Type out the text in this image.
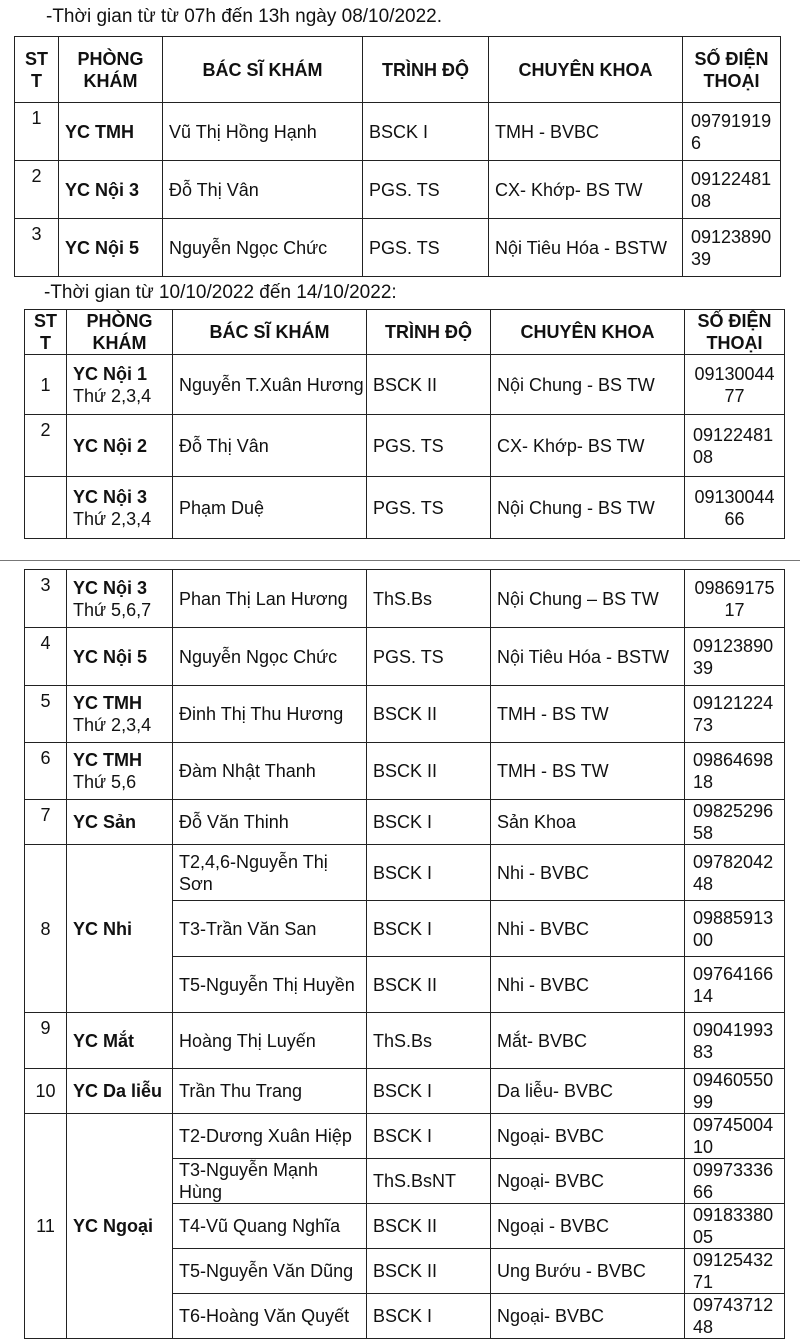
-Thời gian từ từ 07h đến 13h ngày 08/10/2022.
ST T	PHÒNG KHÁM	BÁC SĨ KHÁM	TRÌNH ĐỘ	CHUYÊN KHOA	SỐ ĐIỆN THOẠI
1	YC TMH	Vũ Thị Hồng Hạnh	BSCK I	TMH - BVBC	097919196
2	YC Nội 3	Đỗ Thị Vân	PGS. TS	CX- Khớp- BS TW	0912248108
3	YC Nội 5	Nguyễn Ngọc Chức	PGS. TS	Nội Tiêu Hóa - BSTW	0912389039
-Thời gian từ 10/10/2022 đến 14/10/2022:
ST T	PHÒNG KHÁM	BÁC SĨ KHÁM	TRÌNH ĐỘ	CHUYÊN KHOA	SỐ ĐIỆN THOẠI
1	YC Nội 1
Thứ 2,3,4	Nguyễn T.Xuân Hương	BSCK II	Nội Chung - BS TW	0913004477
2	YC Nội 2	Đỗ Thị Vân	PGS. TS	CX- Khớp- BS TW	0912248108
	YC Nội 3
Thứ 2,3,4	Phạm Duệ	PGS. TS	Nội Chung - BS TW	0913004466
3	YC Nội 3
Thứ 5,6,7	Phan Thị Lan Hương	ThS.Bs	Nội Chung – BS TW	0986917517
4	YC Nội 5	Nguyễn Ngọc Chức	PGS. TS	Nội Tiêu Hóa - BSTW	0912389039
5	YC TMH
Thứ 2,3,4	Đinh Thị Thu Hương	BSCK II	TMH - BS TW	0912122473
6	YC TMH
Thứ 5,6	Đàm Nhật Thanh	BSCK II	TMH - BS TW	0986469818
7	YC Sản	Đỗ Văn Thinh	BSCK I	Sản Khoa	0982529658
8	YC Nhi	T2,4,6-Nguyễn Thị Sơn	BSCK I	Nhi - BVBC	0978204248
		T3-Trần Văn San	BSCK I	Nhi - BVBC	0988591300
		T5-Nguyễn Thị Huyền	BSCK II	Nhi - BVBC	0976416614
9	YC Mắt	Hoàng Thị Luyến	ThS.Bs	Mắt- BVBC	0904199383
10	YC Da liễu	Trần Thu Trang	BSCK I	Da liễu- BVBC	0946055099
11	YC Ngoại	T2-Dương Xuân Hiệp	BSCK I	Ngoại- BVBC	0974500410
		T3-Nguyễn Mạnh Hùng	ThS.BsNT	Ngoại- BVBC	0997333666
		T4-Vũ Quang Nghĩa	BSCK II	Ngoại - BVBC	0918338005
		T5-Nguyễn Văn Dũng	BSCK II	Ung Bướu - BVBC	0912543271
		T6-Hoàng Văn Quyết	BSCK I	Ngoại- BVBC	0974371248
